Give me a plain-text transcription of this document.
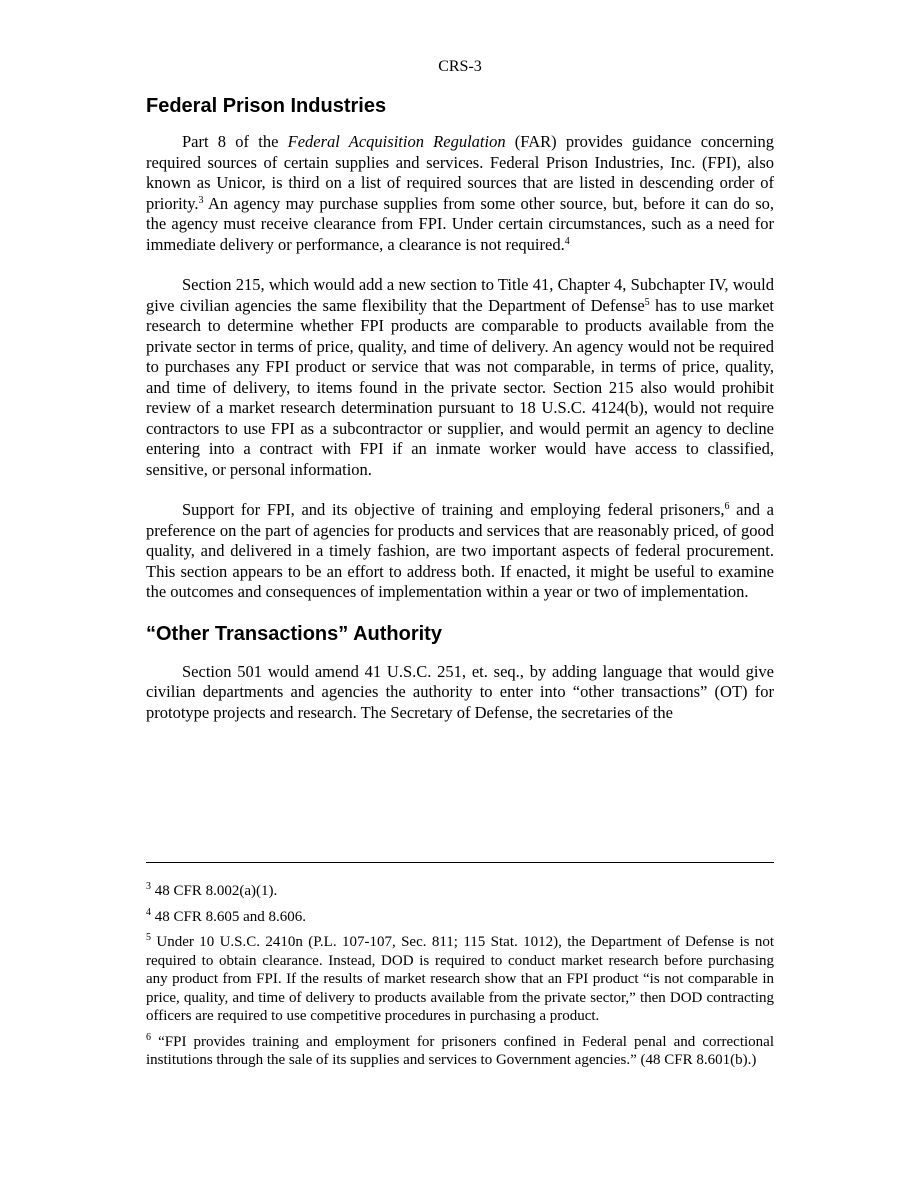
CRS-3
Federal Prison Industries

Part 8 of the Federal Acquisition Regulation (FAR) provides guidance concerning required sources of certain supplies and services. Federal Prison Industries, Inc. (FPI), also known as Unicor, is third on a list of required sources that are listed in descending order of priority.$^3$ An agency may purchase supplies from some other source, but, before it can do so, the agency must receive clearance from FPI. Under certain circumstances, such as a need for immediate delivery or performance, a clearance is not required.$^4$

Section 215, which would add a new section to Title 41, Chapter 4, Subchapter IV, would give civilian agencies the same flexibility that the Department of Defense$^5$ has to use market research to determine whether FPI products are comparable to products available from the private sector in terms of price, quality, and time of delivery. An agency would not be required to purchases any FPI product or service that was not comparable, in terms of price, quality, and time of delivery, to items found in the private sector. Section 215 also would prohibit review of a market research determination pursuant to 18 U.S.C. 4124(b), would not require contractors to use FPI as a subcontractor or supplier, and would permit an agency to decline entering into a contract with FPI if an inmate worker would have access to classified, sensitive, or personal information.

Support for FPI, and its objective of training and employing federal prisoners,$^6$ and a preference on the part of agencies for products and services that are reasonably priced, of good quality, and delivered in a timely fashion, are two important aspects of federal procurement. This section appears to be an effort to address both. If enacted, it might be useful to examine the outcomes and consequences of implementation within a year or two of implementation.

“Other Transactions” Authority

Section 501 would amend 41 U.S.C. 251, et. seq., by adding language that would give civilian departments and agencies the authority to enter into “other transactions” (OT) for prototype projects and research. The Secretary of Defense, the secretaries of the

$^3$ 48 CFR 8.002(a)(1).

$^4$ 48 CFR 8.605 and 8.606.

$^5$ Under 10 U.S.C. 2410n (P.L. 107-107, Sec. 811; 115 Stat. 1012), the Department of Defense is not required to obtain clearance. Instead, DOD is required to conduct market research before purchasing any product from FPI. If the results of market research show that an FPI product “is not comparable in price, quality, and time of delivery to products available from the private sector,” then DOD contracting officers are required to use competitive procedures in purchasing a product.

$^6$ “FPI provides training and employment for prisoners confined in Federal penal and correctional institutions through the sale of its supplies and services to Government agencies.” (48 CFR 8.601(b).)
